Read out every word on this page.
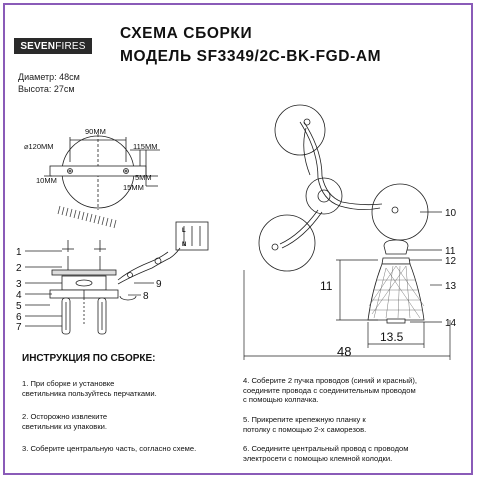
SEVEN FIRES
СХЕМА СБОРКИ
МОДЕЛЬ SF3349/2C-BK-FGD-AM
Диаметр: 48см
Высота: 27см
90MM
115MM
⌀120MM
10MM	5MM
15MM
L
N
1
2
3
4
5
6
7
8
9	11
48
13.5
10
11
12
13
14
ИНСТРУКЦИЯ ПО СБОРКЕ:
1. При сборке и установке
светильника пользуйтесь перчатками.
2. Осторожно извлеките
светильник из упаковки.
3. Соберите центральную часть, согласно схеме.
4. Соберите 2 пучка проводов (синий и красный),
соедините провода с соединительным проводом
с помощью колпачка.
5. Прикрепите крепежную планку к
потолку с помощью 2-х саморезов.
6. Соедините центральный провод с проводом
электросети с помощью клемной колодки.
